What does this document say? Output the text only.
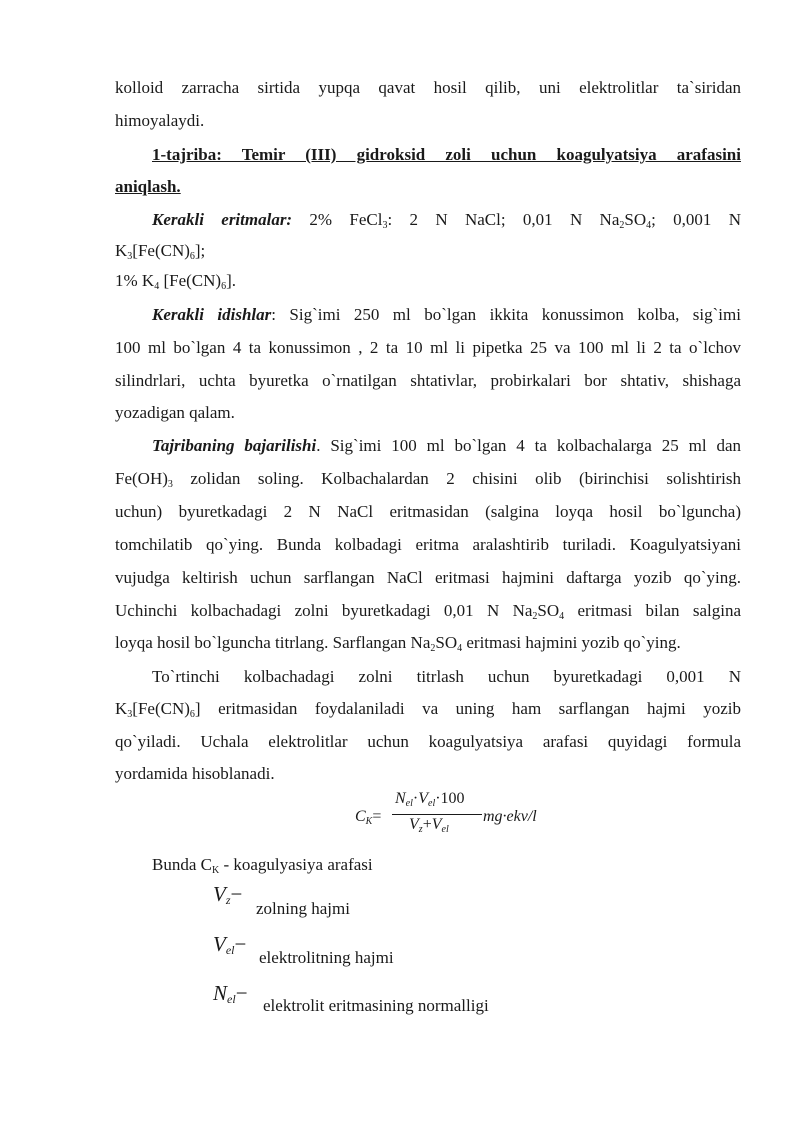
kolloid zarracha sirtida yupqa qavat hosil qilib, uni elektrolitlar ta`siridan

himoyalaydi.

1-tajriba: Temir (III) gidroksid zoli uchun koagulyatsiya arafasini

aniqlash.

Kerakli eritmalar: 2% FeCl$_3$: 2 N NaCl; 0,01 N $Na_2SO_4$; 0,001 N

$K_3[Fe(CN)_6]$;

1% $K_4$ $[Fe(CN)_6]$.

Kerakli idishlar: Sig`imi 250 ml bo`lgan ikkita konussimon kolba, sig`imi

100 ml bo`lgan 4 ta konussimon , 2 ta 10 ml li pipetka 25 va 100 ml li 2 ta o`lchov

silindrlari, uchta byuretka o`rnatilgan shtativlar, probirkalari bor shtativ, shishaga

yozadigan qalam.

Tajribaning bajarilishi. Sig`imi 100 ml bo`lgan 4 ta kolbachalarga 25 ml dan

$Fe(OH)_3$ zolidan soling. Kolbachalardan 2 chisini olib (birinchisi solishtirish

uchun) byuretkadagi 2 N NaCl eritmasidan (salgina loyqa hosil bo`lguncha)

tomchilatib qo`ying. Bunda kolbadagi eritma aralashtirib turiladi. Koagulyatsiyani

vujudga keltirish uchun sarflangan NaCl eritmasi hajmini daftarga yozib qo`ying.

Uchinchi kolbachadagi zolni byuretkadagi 0,01 N $Na_2SO_4$ eritmasi bilan salgina

loyqa hosil bo`lguncha titrlang. Sarflangan $Na_2SO_4$ eritmasi hajmini yozib qo`ying.

To`rtinchi kolbachadagi zolni titrlash uchun byuretkadagi 0,001 N

$K_3[Fe(CN)_6]$ eritmasidan foydalaniladi va uning ham sarflangan hajmi yozib

qo`yiladi. Uchala elektrolitlar uchun koagulyatsiya arafasi quyidagi formula

yordamida hisoblanadi.

$C_K=$
$N_{el}\cdot V_{el}\cdot 100$
$V_z+V_{el}$
mg·ekv/l

Bunda $C_K$ - koagulyasiya arafasi

$V_z-$
zolning hajmi
$V_{el}-$
elektrolitning hajmi
$N_{el}-$
elektrolit eritmasining normalligi
